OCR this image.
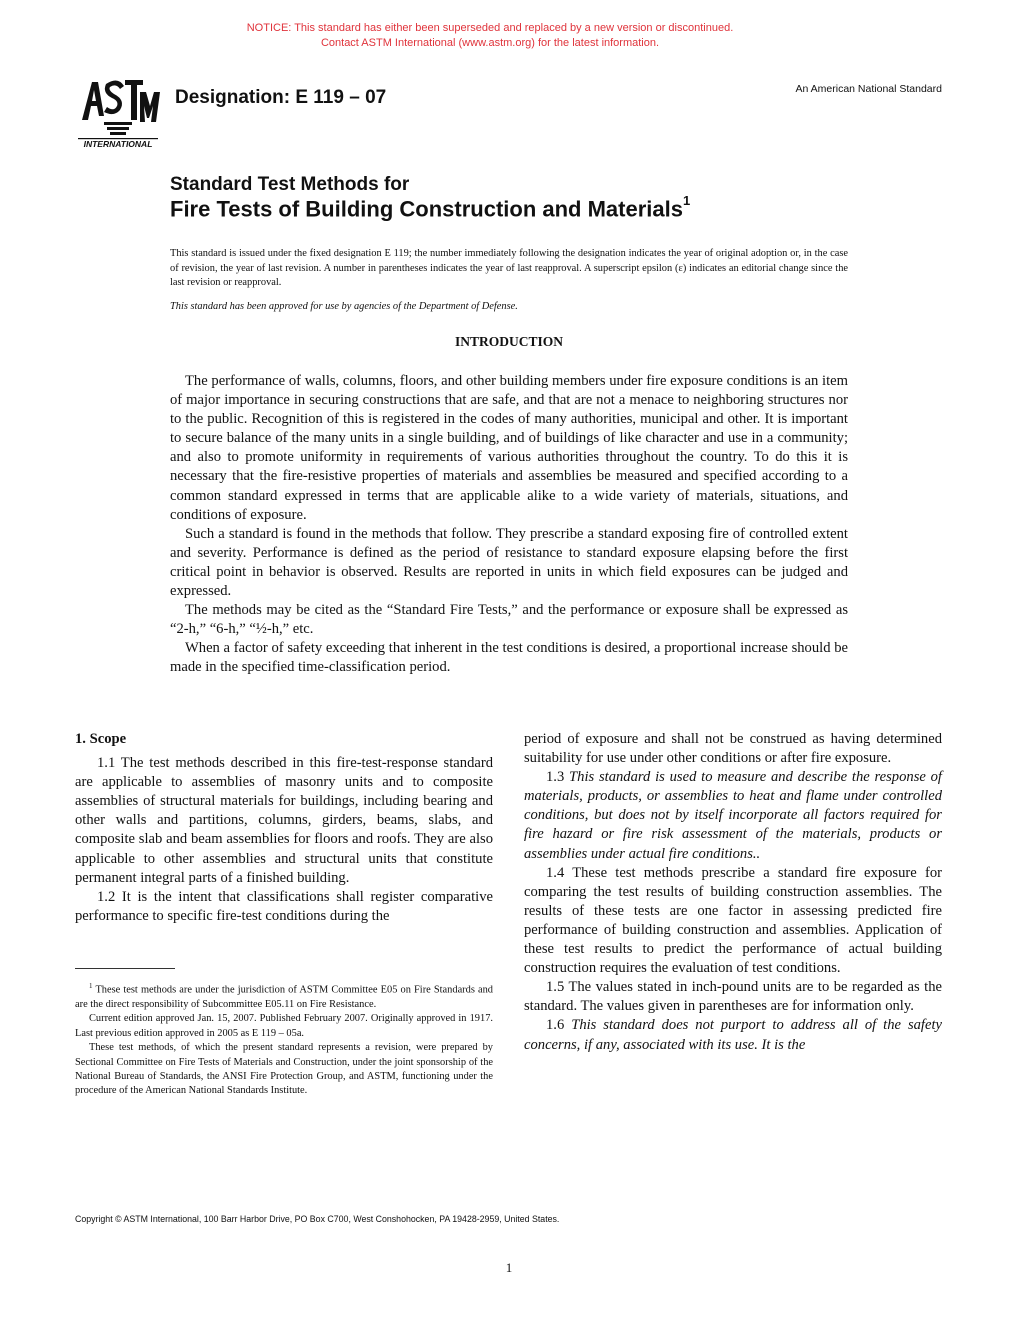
NOTICE: This standard has either been superseded and replaced by a new version or discontinued.
Contact ASTM International (www.astm.org) for the latest information.
INTERNATIONAL
Designation: E 119 – 07	An American National Standard
Standard Test Methods for
Fire Tests of Building Construction and Materials$^1$
This standard is issued under the fixed designation E 119; the number immediately following the designation indicates the year of original adoption or, in the case of revision, the year of last revision. A number in parentheses indicates the year of last reapproval. A superscript epsilon (ε) indicates an editorial change since the last revision or reapproval.
This standard has been approved for use by agencies of the Department of Defense.
INTRODUCTION

The performance of walls, columns, floors, and other building members under fire exposure conditions is an item of major importance in securing constructions that are safe, and that are not a menace to neighboring structures nor to the public. Recognition of this is registered in the codes of many authorities, municipal and other. It is important to secure balance of the many units in a single building, and of buildings of like character and use in a community; and also to promote uniformity in requirements of various authorities throughout the country. To do this it is necessary that the fire-resistive properties of materials and assemblies be measured and specified according to a common standard expressed in terms that are applicable alike to a wide variety of materials, situations, and conditions of exposure.

Such a standard is found in the methods that follow. They prescribe a standard exposing fire of controlled extent and severity. Performance is defined as the period of resistance to standard exposure elapsing before the first critical point in behavior is observed. Results are reported in units in which field exposures can be judged and expressed.

The methods may be cited as the “Standard Fire Tests,” and the performance or exposure shall be expressed as “2-h,” “6-h,” “½-h,” etc.

When a factor of safety exceeding that inherent in the test conditions is desired, a proportional increase should be made in the specified time-classification period.

1. Scope

1.1 The test methods described in this fire-test-response standard are applicable to assemblies of masonry units and to composite assemblies of structural materials for buildings, including bearing and other walls and partitions, columns, girders, beams, slabs, and composite slab and beam assemblies for floors and roofs. They are also applicable to other assemblies and structural units that constitute permanent integral parts of a finished building.

1.2 It is the intent that classifications shall register comparative performance to specific fire-test conditions during the

$^1$ These test methods are under the jurisdiction of ASTM Committee E05 on Fire Standards and are the direct responsibility of Subcommittee E05.11 on Fire Resistance.

Current edition approved Jan. 15, 2007. Published February 2007. Originally approved in 1917. Last previous edition approved in 2005 as E 119 – 05a.

These test methods, of which the present standard represents a revision, were prepared by Sectional Committee on Fire Tests of Materials and Construction, under the joint sponsorship of the National Bureau of Standards, the ANSI Fire Protection Group, and ASTM, functioning under the procedure of the American National Standards Institute.

period of exposure and shall not be construed as having determined suitability for use under other conditions or after fire exposure.

1.3 This standard is used to measure and describe the response of materials, products, or assemblies to heat and flame under controlled conditions, but does not by itself incorporate all factors required for fire hazard or fire risk assessment of the materials, products or assemblies under actual fire conditions..

1.4 These test methods prescribe a standard fire exposure for comparing the test results of building construction assemblies. The results of these tests are one factor in assessing predicted fire performance of building construction and assemblies. Application of these test results to predict the performance of actual building construction requires the evaluation of test conditions.

1.5 The values stated in inch-pound units are to be regarded as the standard. The values given in parentheses are for information only.

1.6 This standard does not purport to address all of the safety concerns, if any, associated with its use. It is the

Copyright © ASTM International, 100 Barr Harbor Drive, PO Box C700, West Conshohocken, PA 19428-2959, United States.
1
